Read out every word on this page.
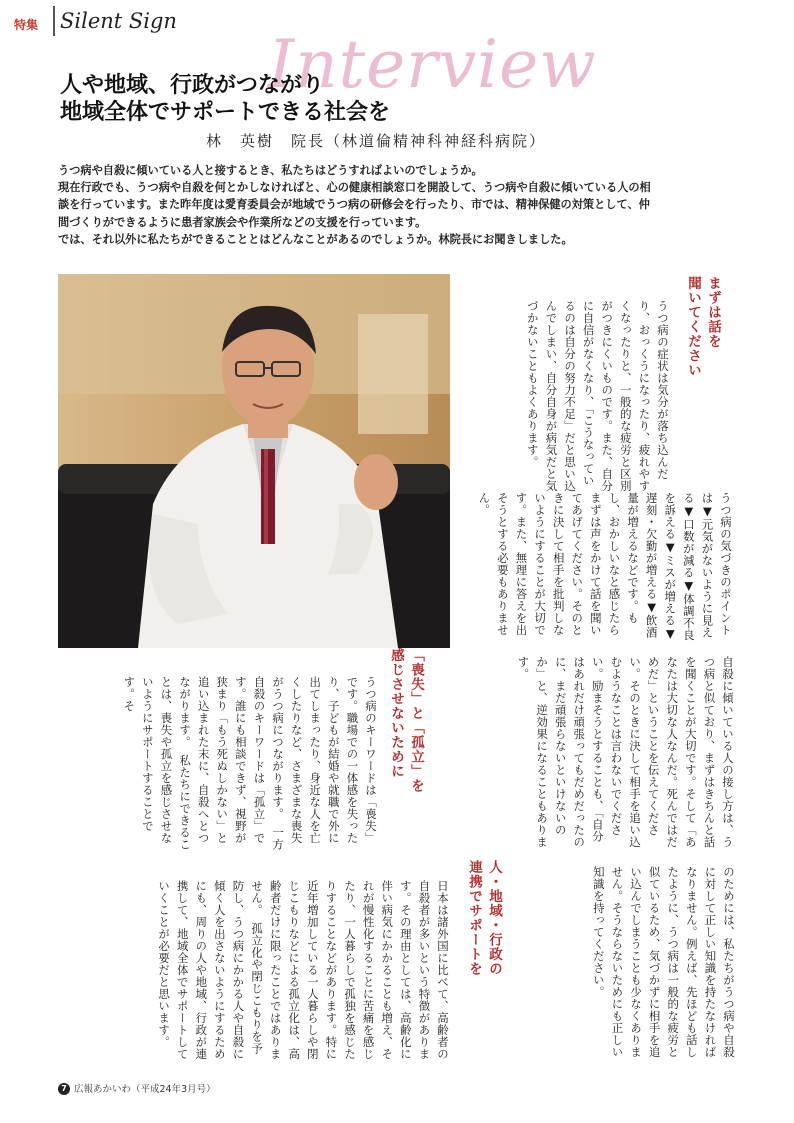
特集 Silent Sign
Interview
人や地域、行政がつながり
地域全体でサポートできる社会を
林　英樹　院長（林道倫精神科神経科病院）

うつ病や自殺に傾いている人と接するとき、私たちはどうすればよいのでしょうか。

現在行政でも、うつ病や自殺を何とかしなければと、心の健康相談窓口を開設して、うつ病や自殺に傾いている人の相談を行っています。また昨年度は愛育委員会が地域でうつ病の研修会を行ったり、市では、精神保健の対策として、仲間づくりができるように患者家族会や作業所などの支援を行っています。

では、それ以外に私たちができることとはどんなことがあるのでしょうか。林院長にお聞きしました。

まずは話を
聞いてください
うつ病の症状は気分が落ち込んだり、おっくうになったり、疲れやすくなったりと、一般的な疲労と区別がつきにくいものです。また、自分に自信がなくなり、「こうなっているのは自分の努力不足」だと思い込んでしまい、自分自身が病気だと気づかないこともよくあります。
うつ病の気づきのポイントは▼元気がないように見える▼口数が減る▼体調不良を訴える▼ミスが増える▼遅刻・欠勤が増える▼飲酒量が増えるなどです。もし、おかしいなと感じたらまずは声をかけて話を聞いてあげてください。そのときに決して相手を批判しないようにすることが大切です。また、無理に答えを出そうとする必要もありません。
「喪失」と「孤立」を
感じさせないために	自殺に傾いている人の接し方は、うつ病と似ており、まずはきちんと話を聞くことが大切です。そして「あなたは大切な人なんだ。死んではだめだ」ということを伝えてください。そのときに決して相手を追い込むようなことは言わないでください。励まそうとすることも、「自分はあれだけ頑張ってもだめだったのに、まだ頑張らないといけないのか」と、逆効果になることもあります。
うつ病のキーワードは「喪失」です。職場での一体感を失ったり、子どもが結婚や就職で外に出てしまったり、身近な人を亡くしたりなど、さまざまな喪失がうつ病につながります。　一方自殺のキーワードは「孤立」です。誰にも相談できず、視野が狭まり「もう死ぬしかない」と追い込まれた末に、自殺へとつながります。　私たちにできることは、喪失や孤立を感じさせないようにサポートすることです。そ
人・地域・行政の
連携でサポートを	のためには、私たちがうつ病や自殺に対して正しい知識を持たなければなりません。例えば、先ほども話したように、うつ病は一般的な疲労と似ているため、気づかずに相手を追い込んでしまうことも少なくありません。そうならないためにも正しい知識を持ってください。
日本は諸外国に比べて、高齢者の自殺者が多いという特徴があります。その理由としては、高齢化に伴い病気にかかることも増え、それが慢性化することに苦痛を感じたり、一人暮らしで孤独を感じたりすることなどがあります。特に近年増加している一人暮らしや閉じこもりなどによる孤立化は、高齢者だけに限ったことではありません。　孤立化や閉じこもりを予防し、うつ病にかかる人や自殺に傾く人を出さないようにするためにも、周りの人や地域、行政が連携して、地域全体でサポートしていくことが必要だと思います。
7 広報あかいわ（平成24年3月号）
